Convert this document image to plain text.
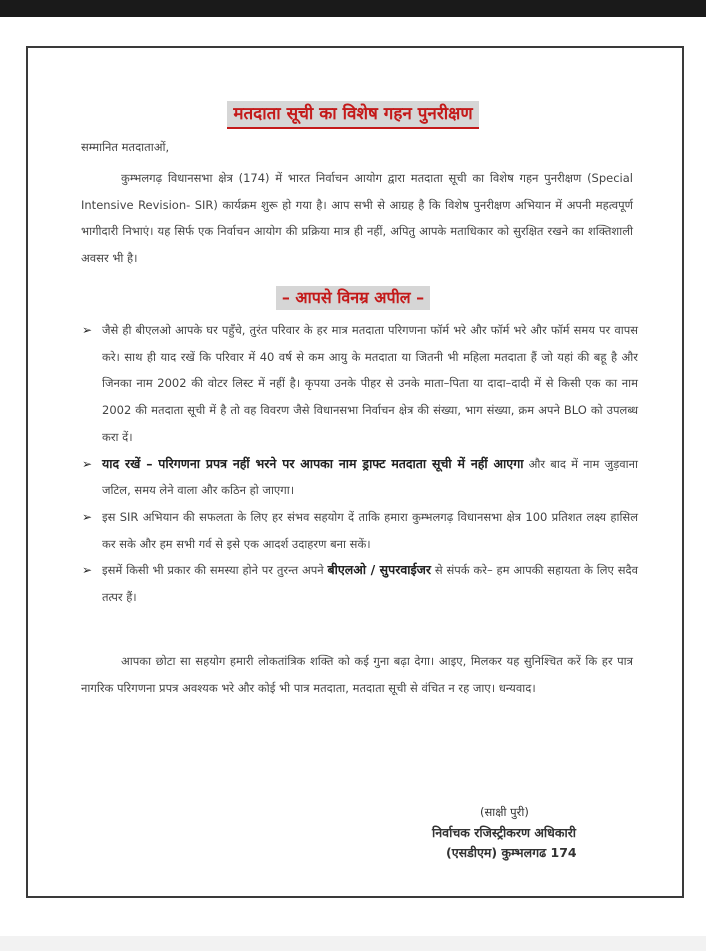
मतदाता सूची का विशेष गहन पुनरीक्षण
सम्मानित मतदाताओं,

कुम्भलगढ़ विधानसभा क्षेत्र (174) में भारत निर्वाचन आयोग द्वारा मतदाता सूची का विशेष गहन पुनरीक्षण (Special Intensive Revision- SIR) कार्यक्रम शुरू हो गया है। आप सभी से आग्रह है कि विशेष पुनरीक्षण अभियान में अपनी महत्वपूर्ण भागीदारी निभाएं। यह सिर्फ एक निर्वाचन आयोग की प्रक्रिया मात्र ही नहीं, अपितु आपके मताधिकार को सुरक्षित रखने का शक्तिशाली अवसर भी है।

– आपसे विनम्र अपील –
➢ जैसे ही बीएलओ आपके घर पहुँचे, तुरंत परिवार के हर मात्र मतदाता परिगणना फॉर्म भरे और फॉर्म भरे और फॉर्म समय पर वापस करे। साथ ही याद रखें कि परिवार में 40 वर्ष से कम आयु के मतदाता या जितनी भी महिला मतदाता हैं जो यहां की बहू है और जिनका नाम 2002 की वोटर लिस्ट में नहीं है। कृपया उनके पीहर से उनके माता–पिता या दादा–दादी में से किसी एक का नाम 2002 की मतदाता सूची में है तो वह विवरण जैसे विधानसभा निर्वाचन क्षेत्र की संख्या, भाग संख्या, क्रम अपने BLO को उपलब्ध करा दें।
➢ याद रखें – परिगणना प्रपत्र नहीं भरने पर आपका नाम ड्राफ्ट मतदाता सूची में नहीं आएगा और बाद में नाम जुड़वाना जटिल, समय लेने वाला और कठिन हो जाएगा।
➢ इस SIR अभियान की सफलता के लिए हर संभव सहयोग दें ताकि हमारा कुम्भलगढ़ विधानसभा क्षेत्र 100 प्रतिशत लक्ष्य हासिल कर सके और हम सभी गर्व से इसे एक आदर्श उदाहरण बना सकें।
➢ इसमें किसी भी प्रकार की समस्या होने पर तुरन्त अपने बीएलओ / सुपरवाईजर से संपर्क करे– हम आपकी सहायता के लिए सदैव तत्पर हैं।

आपका छोटा सा सहयोग हमारी लोकतांत्रिक शक्ति को कई गुना बढ़ा देगा। आइए, मिलकर यह सुनिश्चित करें कि हर पात्र नागरिक परिगणना प्रपत्र अवश्यक भरे और कोई भी पात्र मतदाता, मतदाता सूची से वंचित न रह जाए। धन्यवाद।

(साक्षी पुरी)
निर्वाचक रजिस्ट्रीकरण अधिकारी
(एसडीएम) कुम्भलगढ 174
